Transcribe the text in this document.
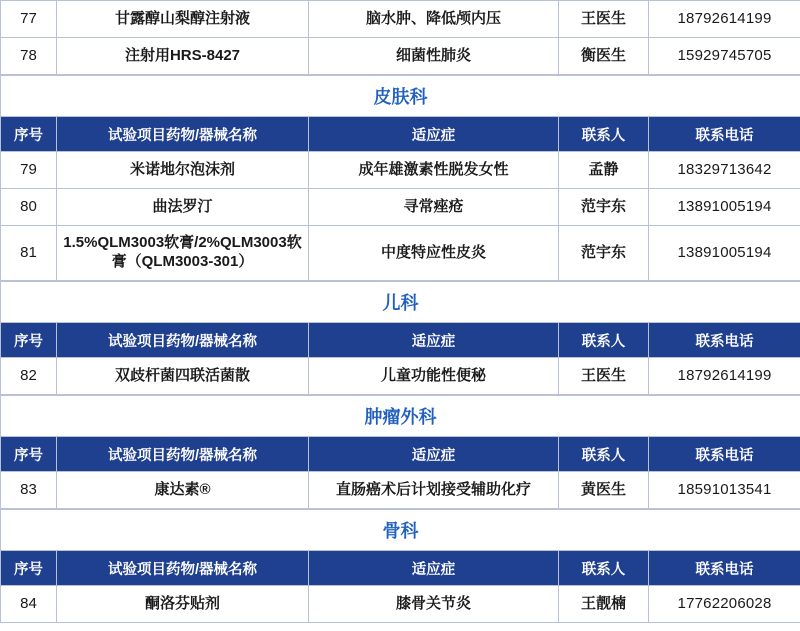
77	甘露醇山梨醇注射液	脑水肿、降低颅内压	王医生	18792614199
78	注射用HRS-8427	细菌性肺炎	衡医生	15929745705
皮肤科				
序号	试验项目药物/器械名称	适应症	联系人	联系电话
79	米诺地尔泡沫剂	成年雄激素性脱发女性	孟静	18329713642
80	曲法罗汀	寻常痤疮	范宇东	13891005194
81	1.5%QLM3003软膏/2%QLM3003软膏（QLM3003-301）	中度特应性皮炎	范宇东	13891005194
儿科				
序号	试验项目药物/器械名称	适应症	联系人	联系电话
82	双歧杆菌四联活菌散	儿童功能性便秘	王医生	18792614199
肿瘤外科				
序号	试验项目药物/器械名称	适应症	联系人	联系电话
83	康达素®	直肠癌术后计划接受辅助化疗	黄医生	18591013541
骨科				
序号	试验项目药物/器械名称	适应症	联系人	联系电话
84	酮洛芬贴剂	膝骨关节炎	王靓楠	17762206028
